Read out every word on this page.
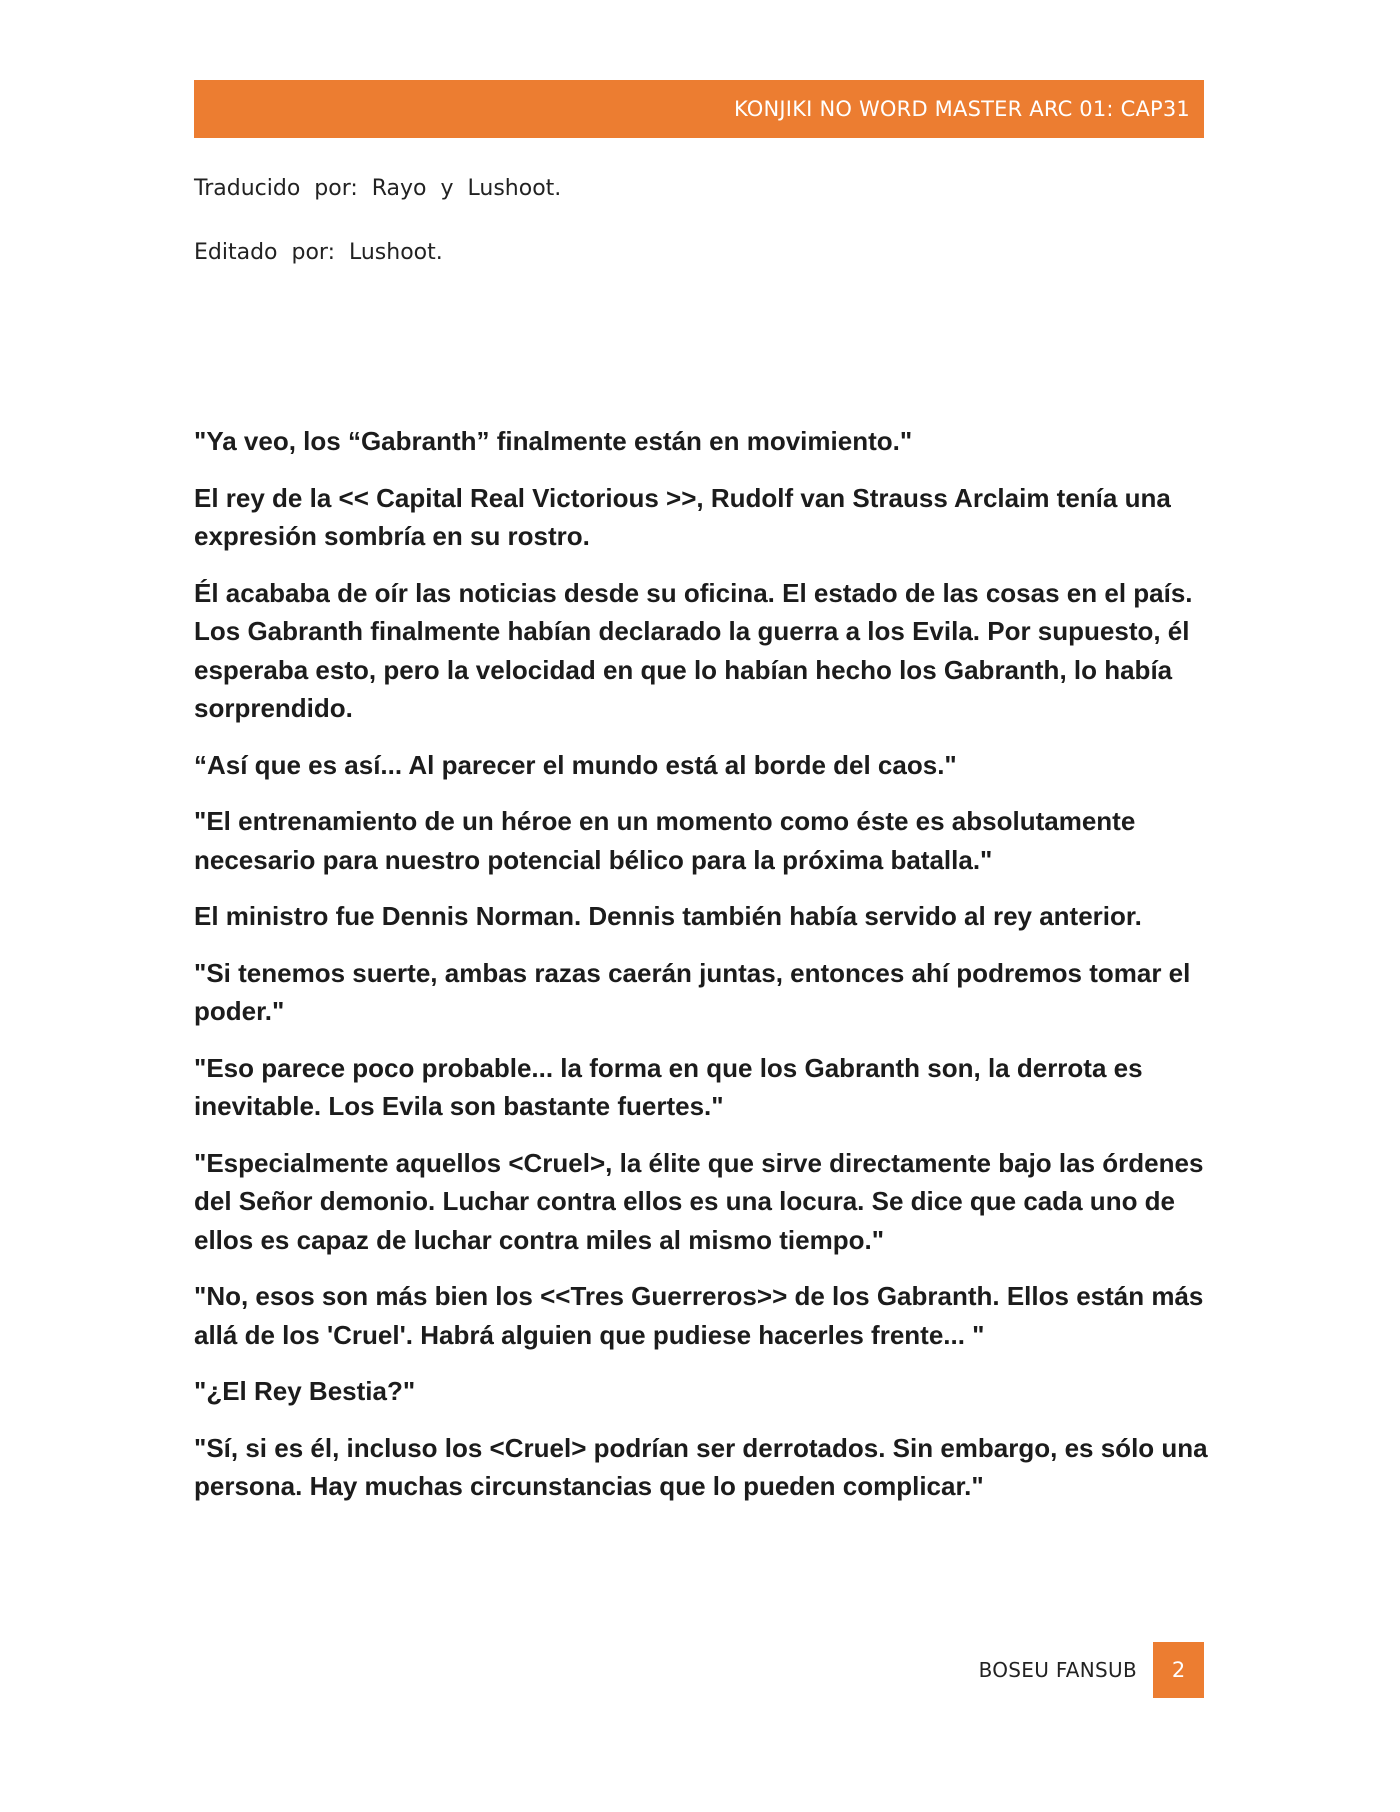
KONJIKI NO WORD MASTER ARC 01: CAP31
Traducido por: Rayo y Lushoot.
Editado por: Lushoot.

"Ya veo, los “Gabranth” finalmente están en movimiento."

El rey de la << Capital Real Victorious >>, Rudolf van Strauss Arclaim tenía una expresión sombría en su rostro.

Él acababa de oír las noticias desde su oficina. El estado de las cosas en el país. Los Gabranth finalmente habían declarado la guerra a los Evila. Por supuesto, él esperaba esto, pero la velocidad en que lo habían hecho los Gabranth, lo había sorprendido.

“Así que es así... Al parecer el mundo está al borde del caos."

"El entrenamiento de un héroe en un momento como éste es absolutamente necesario para nuestro potencial bélico para la próxima batalla."

El ministro fue Dennis Norman. Dennis también había servido al rey anterior.

"Si tenemos suerte, ambas razas caerán juntas, entonces ahí podremos tomar el poder."

"Eso parece poco probable... la forma en que los Gabranth son, la derrota es inevitable. Los Evila son bastante fuertes."

"Especialmente aquellos <Cruel>, la élite que sirve directamente bajo las órdenes del Señor demonio. Luchar contra ellos es una locura. Se dice que cada uno de ellos es capaz de luchar contra miles al mismo tiempo."

"No, esos son más bien los <<Tres Guerreros>> de los Gabranth. Ellos están más allá de los 'Cruel'. Habrá alguien que pudiese hacerles frente... "

"¿El Rey Bestia?"

"Sí, si es él, incluso los <Cruel> podrían ser derrotados. Sin embargo, es sólo una persona. Hay muchas circunstancias que lo pueden complicar."

BOSEU FANSUB 2
